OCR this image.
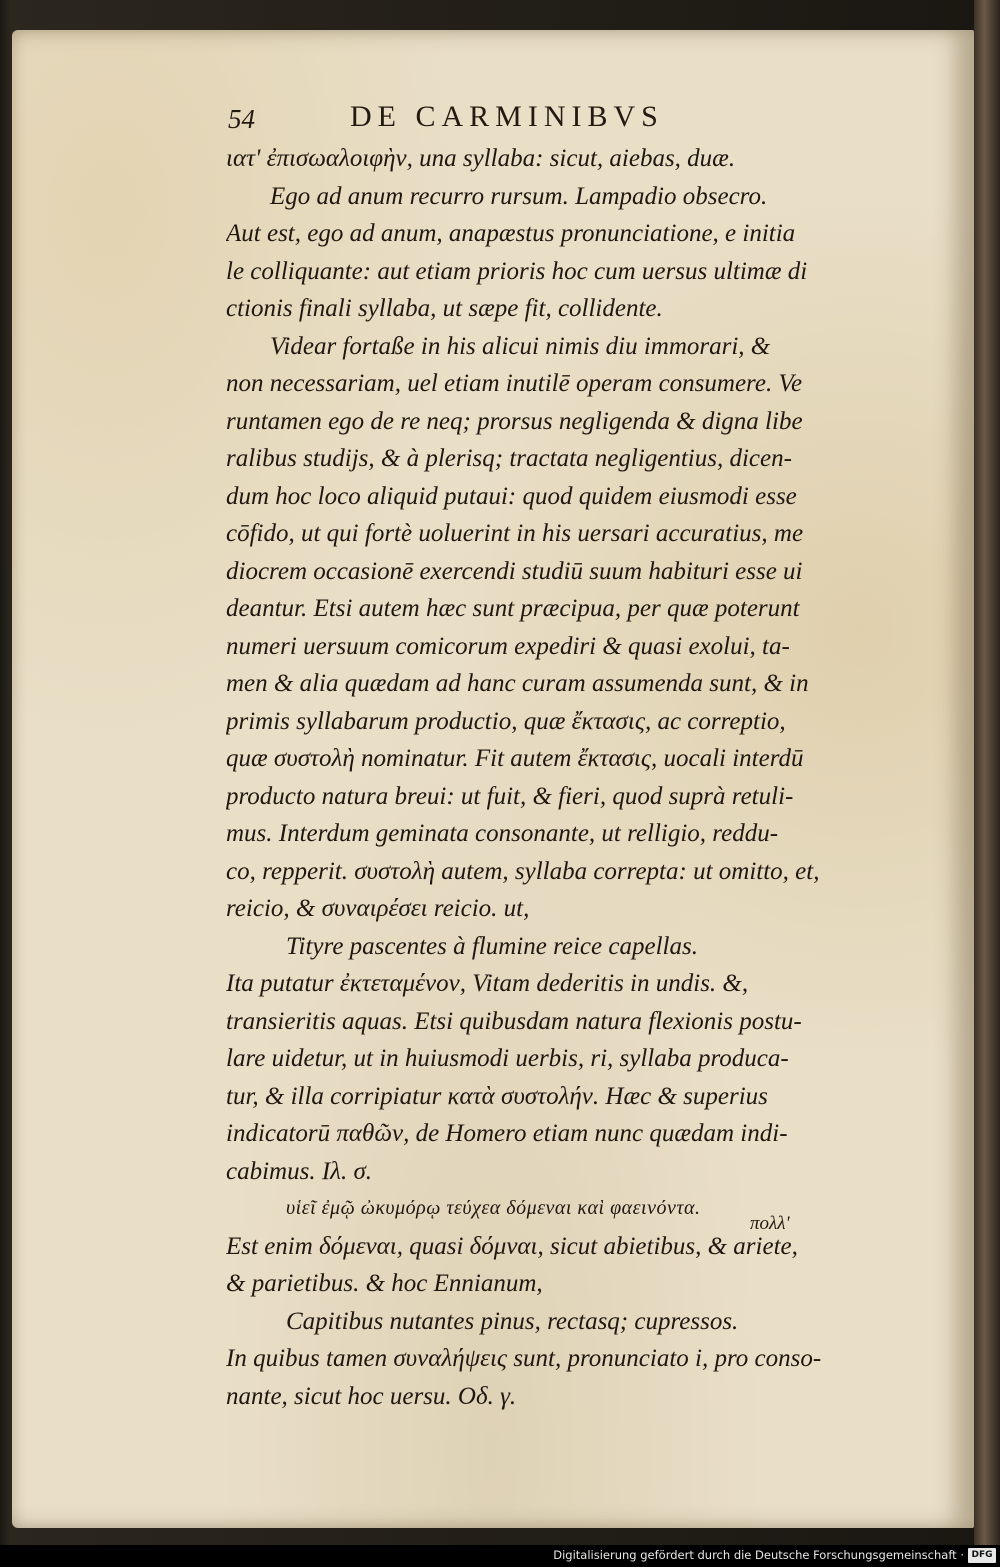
54	DE CARMINIBVS
ιατ' ἐπισωαλοιφὴν, una syllaba: sicut, aiebas, duæ.
Ego ad anum recurro rursum. Lampadio obsecro.
Aut est, ego ad anum, anapæstus pronunciatione, e initia
le colliquante: aut etiam prioris hoc cum uersus ultimæ di
ctionis finali syllaba, ut sæpe fit, collidente.
Videar fortaße in his alicui nimis diu immorari, &
non necessariam, uel etiam inutilē operam consumere. Ve
runtamen ego de re neq; prorsus negligenda & digna libe
ralibus studijs, & à plerisq; tractata negligentius, dicen-
dum hoc loco aliquid putaui: quod quidem eiusmodi esse
cōfido, ut qui fortè uoluerint in his uersari accuratius, me
diocrem occasionē exercendi studiū suum habituri esse ui
deantur. Etsi autem hæc sunt præcipua, per quæ poterunt
numeri uersuum comicorum expediri & quasi exolui, ta-
men & alia quædam ad hanc curam assumenda sunt, & in
primis syllabarum productio, quæ ἔκτασις, ac correptio,
quæ συστολὴ nominatur. Fit autem ἔκτασις, uocali interdū
producto natura breui: ut fuit, & fieri, quod suprà retuli-
mus. Interdum geminata consonante, ut relligio, reddu-
co, repperit. συστολὴ autem, syllaba correpta: ut omitto, et,
reicio, & συναιρέσει reicio. ut,
Tityre pascentes à flumine reice capellas.
Ita putatur ἐκτεταμένον, Vitam dederitis in undis. &,
transieritis aquas. Etsi quibusdam natura flexionis postu-
lare uidetur, ut in huiusmodi uerbis, ri, syllaba produca-
tur, & illa corripiatur κατὰ συστολήν. Hæc & superius
indicatorū παθῶν, de Homero etiam nunc quædam indi-
cabimus. Ιλ. σ.
υἱεῖ ἐμῷ ὠκυμόρῳ τεύχεα δόμεναι καὶ φαεινόντα.
Est enim δόμεναι, quasi δόμναι, sicut abietibus, & ariete,
& parietibus. & hoc Ennianum,
Capitibus nutantes pinus, rectasq; cupressos.
In quibus tamen συναλήψεις sunt, pronunciato i, pro conso-
nante, sicut hoc uersu. Οδ. γ.
πολλ'
Digitalisierung gefördert durch die Deutsche Forschungsgemeinschaft · DFG
